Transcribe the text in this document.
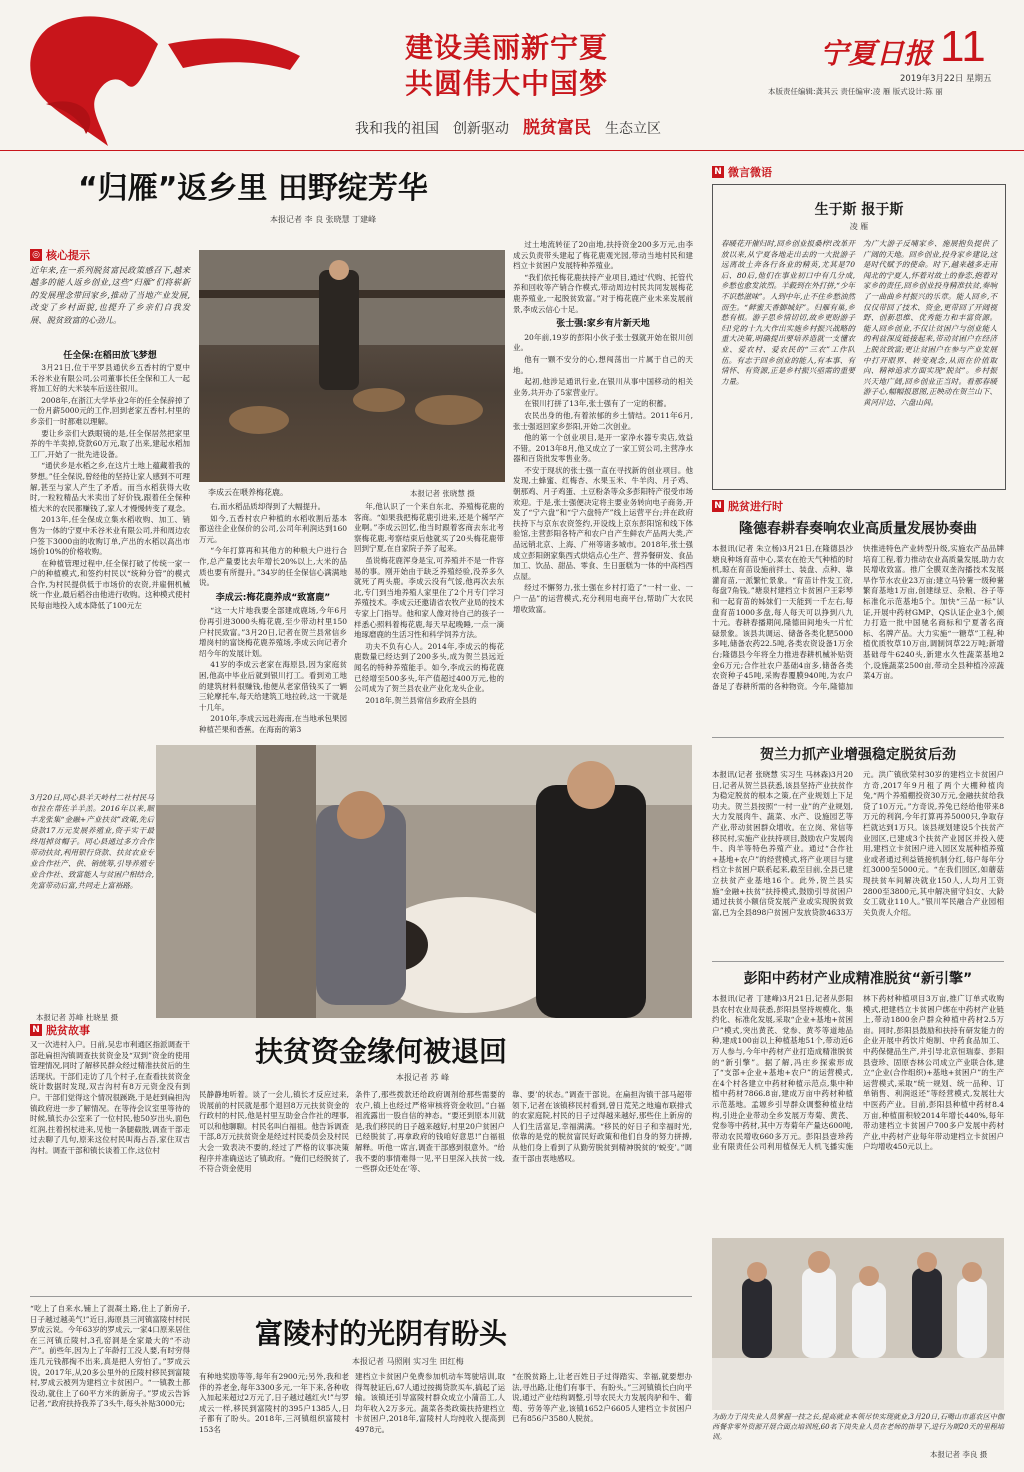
建设美丽新宁夏
共圆伟大中国梦
宁夏日报 11
2019年3月22日 星期五
本版责任编辑:龚其云 责任编审:凌 雁 版式设计:陈 丽
我和我的祖国 创新驱动 脱贫富民 生态立区
“归雁”返乡里 田野绽芳华
本报记者 李 良 张晓慧 丁建峰
◎ 核心提示
近年来,在一系列脱贫富民政策感召下,越来越多的能人返乡创业,这些“归雁”们将崭新的发展理念带回家乡,推动了当地产业发展,改变了乡村面貌,也提升了乡亲们自我发展、脱贫致富的心劲儿。
任全保:在稻田放飞梦想

3月21日,位于平罗县通伏乡五香村的宁夏中禾谷米业有限公司,公司董事长任全保和工人一起将加工好的大米装车后送往银川。

2008年,在浙江大学毕业2年的任全保辞掉了一份月薪5000元的工作,回到老家五香村,村里的乡亲们一时都难以理解。

要让乡亲们大跌眼镜的是,任全保居然把家里养的牛羊卖掉,贷款60万元,取了出来,建起水稻加工厂,开始了一批先进设备。

“通伏乡是水稻之乡,在这片土地上蕴藏着我的梦想。”任全保说,曾经他的坚持让家人感到不可理解,甚至与家人产生了矛盾。而当水稻获得大收时,一粒粒精品大米卖出了好价钱,跟着任全保种植大米的农民都赚钱了,家人才慢慢转变了观念。

2013年,任全保成立集水稻收购、加工、销售为一体的宁夏中禾谷米业有限公司,并和周边农户签下3000亩的收购订单,产出的水稻以高出市场价10%的价格收购。

在种植管理过程中,任全保打破了传统一家一户的种植模式,和签约村民以“统种分管”的模式合作,为村民提供低于市场价的农资,并雇佣机械统一作业,最后稻谷由他进行收购。这种模式使村民每亩地投入成本降低了100元左

李成云在喂养梅花鹿。	本报记者 张晓慧 摄

右,而水稻品质却得到了大幅提升。

如今,五香村农户种植的水稻收割后基本都送往企业保价的公司,公司年利润达到160万元。

“今年打算再和其他方的种粮大户进行合作,总产量要比去年增长20%以上,大米的品质也要有所提升。”34岁的任全保信心满满地说。

李成云:梅花鹿养成“致富鹿”

“这一大片地我要全部建成鹿场,今年6月份再引进3000头梅花鹿,至少带动村里150户村民致富。”3月20日,记者在贺兰县常信乡增岗村的富饶梅花鹿养殖场,李成云向记者介绍今年的发展计划。

41岁的李成云老家在海原县,因为家庭贫困,他高中毕业后就到银川打工。看到劝工地的建筑材料很赚钱,他便从老家借钱买了一辆三轮摩托车,每天给建筑工地拉砖,这一干就是十几年。

2010年,李成云远赴海南,在当地承包果园种植芒果和香蕉。在海南的第3

年,他认识了一个来自东北、养殖梅花鹿的客商。“如果我把梅花鹿引进来,还是个稀罕产业啊。”李成云回忆,他当时跟着客商去东北考察梅花鹿,考察结束后他就买了20头梅花鹿带回到宁夏,在自家院子养了起来。

虽说梅花鹿浑身是宝,可养殖并不是一件容易的事。刚开始由于缺乏养殖经验,没养多久就死了两头鹿。李成云没有气馁,他再次去东北,专门到当地养殖人家里住了2个月专门学习养殖技术。李成云还邀请省农牧产业局的技术专家上门指导。他和家人像对待自己的孩子一样悉心照料着梅花鹿,每天早起晚睡,一点一滴地琢磨鹿的生活习性和科学饲养方法。

功夫不负有心人。2014年,李成云的梅花鹿数量已经达到了200多头,成为贺兰县远近闻名的特种养殖能手。如今,李成云的梅花鹿已经增至500多头,年产值超过400万元,他的公司成为了贺兰县农业产业化龙头企业。

2018年,贺兰县常信乡政府全县的

过土地流转征了20亩地,扶持资金200多万元,由李成云负责带头建起了梅花鹿观光园,带动当地村民和建档立卡贫困户发展特种养殖业。

“我们依托梅花鹿扶持产业项目,通过‘代购、托管代养和回收等产销合作模式,带动周边村民共同发展梅花鹿养殖业,一起脱贫致富。”对于梅花鹿产业未来发展前景,李成云信心十足。

张士强:家乡有片新天地

20年前,19岁的彭阳小伙子张士强就开始在银川创业。

他有一颗不安分的心,想闯荡出一片属于自己的天地。

起初,他涉足通讯行业,在银川从事中国移动的相关业务,共开办了5家营业厅。

在银川打拼了13年,张士强有了一定的积蓄。

农民出身的他,有着浓郁的乡土情结。2011年6月,张士强返回家乡彭阳,开始二次创业。

他的第一个创业项目,是开一家净水器专卖店,效益不错。2013年8月,他又成立了一家工贸公司,主营净水器和百货批发零售业务。

不安于现状的张士强一直在寻找新的创业项目。他发现,土蜂蜜、红梅杏、水果玉米、牛羊肉、月子鸡、朝那鸡、月子鸡蛋、土豆粉条等众多彭阳特产很受市场欢迎。于是,张士强便决定将主要业务转向电子商务,开发了“宁六盘”和“宁六盘特产”线上运营平台;并在政府扶持下与京东农资签约,开设线上京东彭阳馆和线下体验馆,主营彭阳各特产和农户自产生鲜农产品两大类,产品远销北京、上海、广州等诸多城市。2018年,张士强成立彭阳朗家集西式烘焙点心生产、营养餐研发、食品加工、饮品、甜品、零食、生日蛋糕为一体的中高档西点屋。

经过不懈努力,张士强在乡村打造了“一村一业、一户一品”的运营模式,充分利用电商平台,帮助广大农民增收致富。

3月20日,同心县羊天岭村二社村民马布拉在帮佐羊羊羔。2016年以来,顺丰龙张集“金融+产业扶贫”政策,先后贷款17万元发展养殖业,资手实干最终甩掉贫帽子。同心县通过多方合作带动扶贫,利用银行贷款、扶贫农业专业合作社产、供、销统筹,引导养殖专业合作社、致富能人与贫困户相结合,先富带动后富,共同走上富裕路。
本报记者 苏峰 杜晓星 摄
N 微言微语
生于斯 报于斯
凌 雁
春暖花开催归时,回乡创业报桑梓!改革开放以来,从宁夏各地走出去的一大批游子远离故土奔各行各业的精英,尤其是70后、80后,他们在事业初口中有几分成,乡愁也愈发浓烈。羊毂到在外打拼,“少年不识愁滋味”。人到中年,止不住乡愁油然而生。“鲜蜜天香脚城好”。归雁有巢,乡愁有根。游子思乡情切切,故乡更盼游子归!党的十九大作出实施乡村振兴战略的重大决策,明确提出要培养造就一支懂农业、爱农村、爱农民的“三农”工作队伍。有志于回乡创业的能人,有本事、有情怀、有资源,正是乡村振兴亟需的重要力量。
为广大游子反哺家乡、施展抱负提供了广阔的天地。回乡创业,投身家乡建设,这是时代赋予的使命。时下,越来越多走南闯北的宁夏人,怀着对故土的眷恋,抱着对家乡的责任,回乡创业投身精准扶贫,奏响了一曲曲乡村振兴的乐章。能人回乡,不仅仅带回了技术、资金,更带回了开阔视野、创新思维、优秀能力和丰富资源。能人回乡创业,不仅让贫困户与创业能人的利益深度链接起来,带动贫困户在经济上脱贫致富;更让贫困户在参与产业发展中打开眼界、转变观念,从而在价值取向、精神追求方面实现“脱贫”。乡村振兴天地广阔,回乡创业正当时。看那春暖游子心,幅幅报恩图,正映动在贺兰山下、黄河岸边、六盘山间。
N 脱贫进行时
隆德春耕春奏响农业高质量发展协奏曲
本报讯(记者 朱立杨)3月21日,在隆德县沙塘良种场育苗中心,菜农在抢天气种植的时机,晾在育苗设施前拌土、装盘、点种、靠灌育苗,一派繁忙景象。“育苗计件发工资,每盘7角钱。”塘泉村建档立卡贫困户王彩琴和一起育苗的姊妹们一天能到一千左右,每盘育苗1000多盘,每人每天可以挣到八九十元。春耕春播期间,隆德田间地头一片忙碌景象。该县共调运、储备各类化肥5000多吨,储备农药22.5吨,各类农资设备1万余台;隆德县今年将全力推进春耕机械补贴资金6万元;合作社农户基础4亩多,储备各类农资种子45吨,采购春覆膜940吨,为农户备足了春耕所需的各种物资。今年,隆德加快推进特色产业转型升级,实施农产品品牌培育工程,着力推动农业高质量发展,助力农民增收致富。推广全膜双垄沟播技术发展旱作节水农业23万亩;建立马铃薯一级种薯繁育基地1万亩,创建绿豆、杂粮、谷子等标准化示范基地5个。加快“三品一标”认证,开展中药材GMP、QS认证企业3个,倾力打造一批中国驰名商标和宁夏著名商标、名牌产品。大力实施“一糖草”工程,种植优质牧草10万亩,调制饲草22万吨;新增基础母牛6240头,新建水久性蔬菜基地2个,设施蔬菜2500亩,带动全县种植冷凉蔬菜4万亩。
贺兰力抓产业增强稳定脱贫后劲
本报讯(记者 张晓慧 实习生 马林森)3月20日,记者从贺兰县获悉,该县坚持产业扶贫作为稳定脱贫的根本之策,在产业规划上下足功夫。贺兰县按照“一村一业”的产业规划,大力发展肉牛、蔬菜、水产、设施园艺等产业,带动贫困群众增收。在立岗、常信等移民村,实施产业扶持项目,鼓励农户发展肉牛、肉羊等特色养殖产业。通过“合作社+基地+农户”的经营模式,将产业项目与建档立卡贫困户联系起来,截至目前,全县已建立扶贫产业基地16个。此外,贺兰县实施“金融+扶贫”扶持模式,鼓励引导贫困户通过扶贫小额信贷发展产业或实现脱贫致富,已为全县898户贫困户发放贷款4633万元。洪广镇欣荣村30岁的建档立卡贫困户方奇,2017年9月租了两个大棚种植肉兔,“两个养殖棚投资30万元,金融扶贫给我贷了10万元。”方奇说,养兔已经给他带来8万元的利润,今年打算再养5000只,争取存栏就达到1万只。该县规划建设5个扶贫产业园区,已建成3个扶贫产业园区并投入使用,建档立卡贫困户进入园区发展种植养殖业或者通过利益链接机制分红,每户每年分红3000至5000元。“在我们园区,如蘑菇现扶贫车间解决就业150人,人均月工资2800至3800元,其中解决留守妇女、大龄女工就业110人。”银川军民融合产业园相关负责人介绍。
彭阳中药材产业成精准脱贫“新引擎”
本报讯(记者 丁建峰)3月21日,记者从彭阳县农村农业局获悉,彭阳县坚持规模化、集约化、标准化发展,采取“企业+基地+贫困户”模式,突出黄芪、党参、黄芩等道地品种,建成100亩以上种植基地51个,带动近6万人参与,今年中药材产业打造成精准脱贫的“新引擎”。据了解,冯庄乡探索形成了“支部+企业+基地+农户”的运营模式,在4个村各建立中药材种植示范点,集中种植中药材7866.8亩,建成万亩中药材种植示范基地。孟塬乡引导群众调整种植业结构,引进企业带动全乡发展万寿菊、黄芪、党参等中药材,其中万寿菊年产量达600吨,带动农民增收660多万元。彭阳县壹珍药业有限责任公司利用植保无人机飞播实施林下药材种植项目3万亩,推广订单式收购模式,把建档立卡贫困户绑在中药材产业链上,带动1800余户群众种植中药材2.5万亩。同时,彭阳县鼓励和扶持有研发能力的企业开展中药饮片炮制、中药食品加工、中药保健品生产,并引导北京恒瑞泰、彭阳县壹珍、固原杏林公司成立产业联合体,建立“企业(合作组织)+基地+贫困户”的生产运营模式,采取“统一规划、统一品种、订单销售、利润返还”等经营模式,发展壮大中医药产业。目前,彭阳县种植中药材8.4万亩,种植面积较2014年增长440%,每年带动建档立卡贫困户700多户发展中药材产业,中药材产业每年带动建档立卡贫困户户均增收450元以上。
为助力于岗失业人员掌握一技之长,提高就业本领尽快实现就业,3月20日,石嘴山市惠农区中伽西餐非零外资源开展合面点培训班,60名下岗失业人员在老师的指导下,进行为期20天的里程培训。
本报记者 李良 摄
N 脱贫故事
扶贫资金缘何被退回
本报记者 苏 峰
又一次进村入户。日前,吴忠市利通区指派调查干部赴扁担沟镇调查扶贫资金及“双到”资金的使用管理情况,同时了解移民群众经过精准扶贫后的生活现状。干部们走访了几个村子,在查看扶贫资金统计数据时发现,双吉沟村有8万元资金没有到户。干部们觉得这个情况很蹊跷,于是赶到扁担沟镇政府进一步了解情况。在等待会议室里等待的时候,镇长办公室来了一位村民,他50岁出头,面色红润,拄着拐杖进来,见他一条腿截肢,调查干部走过去聊了几句,原来这位村民叫海占吾,家住双吉沟村。调查干部和镇长谈着工作,这位村
民静静地听着。谈了一会儿,镇长才反应过来,说展前的村民就是那个退回8万元扶贫资金的行政村的村民,他是村里互助金合作社的理事,可以和他聊聊。村民名叫白福祖。他告诉调查干部,8万元扶贫资金是经过村民委员会及村民大会一致表决不要的,经过了严格的议事决策程序并准确送达了镇政府。“俺们已经脱贫了,不符合资金使用
条件了,那些拨款还给政府调剂给那些需要的农户,镇上也经过严格审核将资金收回。”白福祖流露出一股自信的神态。“要还到原本川就是,我们移民的日子越来越好,村里20户贫困户已经脱贫了,再拿政府的钱咱好意思!”白福祖解释。听他一席言,调查干部感到很意外。“给我不要的事情难得一见,平日里深入扶贫一线,一些群众还处在‘等、
靠、要’的状态。”调查干部说。在扁担沟镇干部马超带领下,记者在该镇移民村看到,曾日荒芜之地遍布联排式的农家庭院,村民的日子过得越来越好,那些住上新房的人们生活富足,幸福满满。“移民的好日子和幸福时光,依靠的是党的脱贫富民好政策和他们自身的努力拼搏,从他们身上看到了从勤劳脱贫到精神脱贫的‘蜕变’。”调查干部由衷地感叹。
富陵村的光阴有盼头
本报记者 马照刚 实习生 田红梅
“吃上了自来水,铺上了混凝土路,住上了新房子,日子越过越美气!”近日,海原县三河镇富陵村村民罗成云说。今年63岁的罗成云,一家4口原来居住在三河镇丘陵村,3孔窑洞是全家最大的“不动产”。前些年,因为上了年龄打工没人要,有时穷得连几元钱都掏不出来,真是把人穷怕了。”罗成云说。2017年,从20多公里外的丘陵村移民到富陵村,罗成云被列为建档立卡贫困户。“一镇教土都没动,就住上了60平方米的新房子。”罗成云告诉记者,“政府扶持我养了3头牛,每头补贴3000元;
有种地奖励等等,每年有2900元;另外,我和老伴的养老金,每年3300多元,一年下来,各种收入加起来超过2万元了,日子越过越红火!”与罗成云一样,移民到富陵村的395户1385人,日子都有了盼头。2018年,三河镇组织富陵村153名
建档立卡贫困户免费参加机动车驾驶培训,取得驾驶证后,67人通过按揭贷款买车,搞起了运输。该镇还引导富陵村群众成立小蒲苗工,人均年收入2万多元。蔬菜各类政策扶持建档立卡贫困户,2018年,富陵村人均纯收入提高到4978元。
“在脱贫路上,让老百姓日子过得踏实、幸福,就要想办法,寻出路,让他们有事干、有盼头。”三河镇镇长白向平说,通过产业结构调整,引导农民大力发展肉驴和牛、葡萄、劳务等产业,该镇1652户6605人建档立卡贫困户已有856户3580人脱贫。
